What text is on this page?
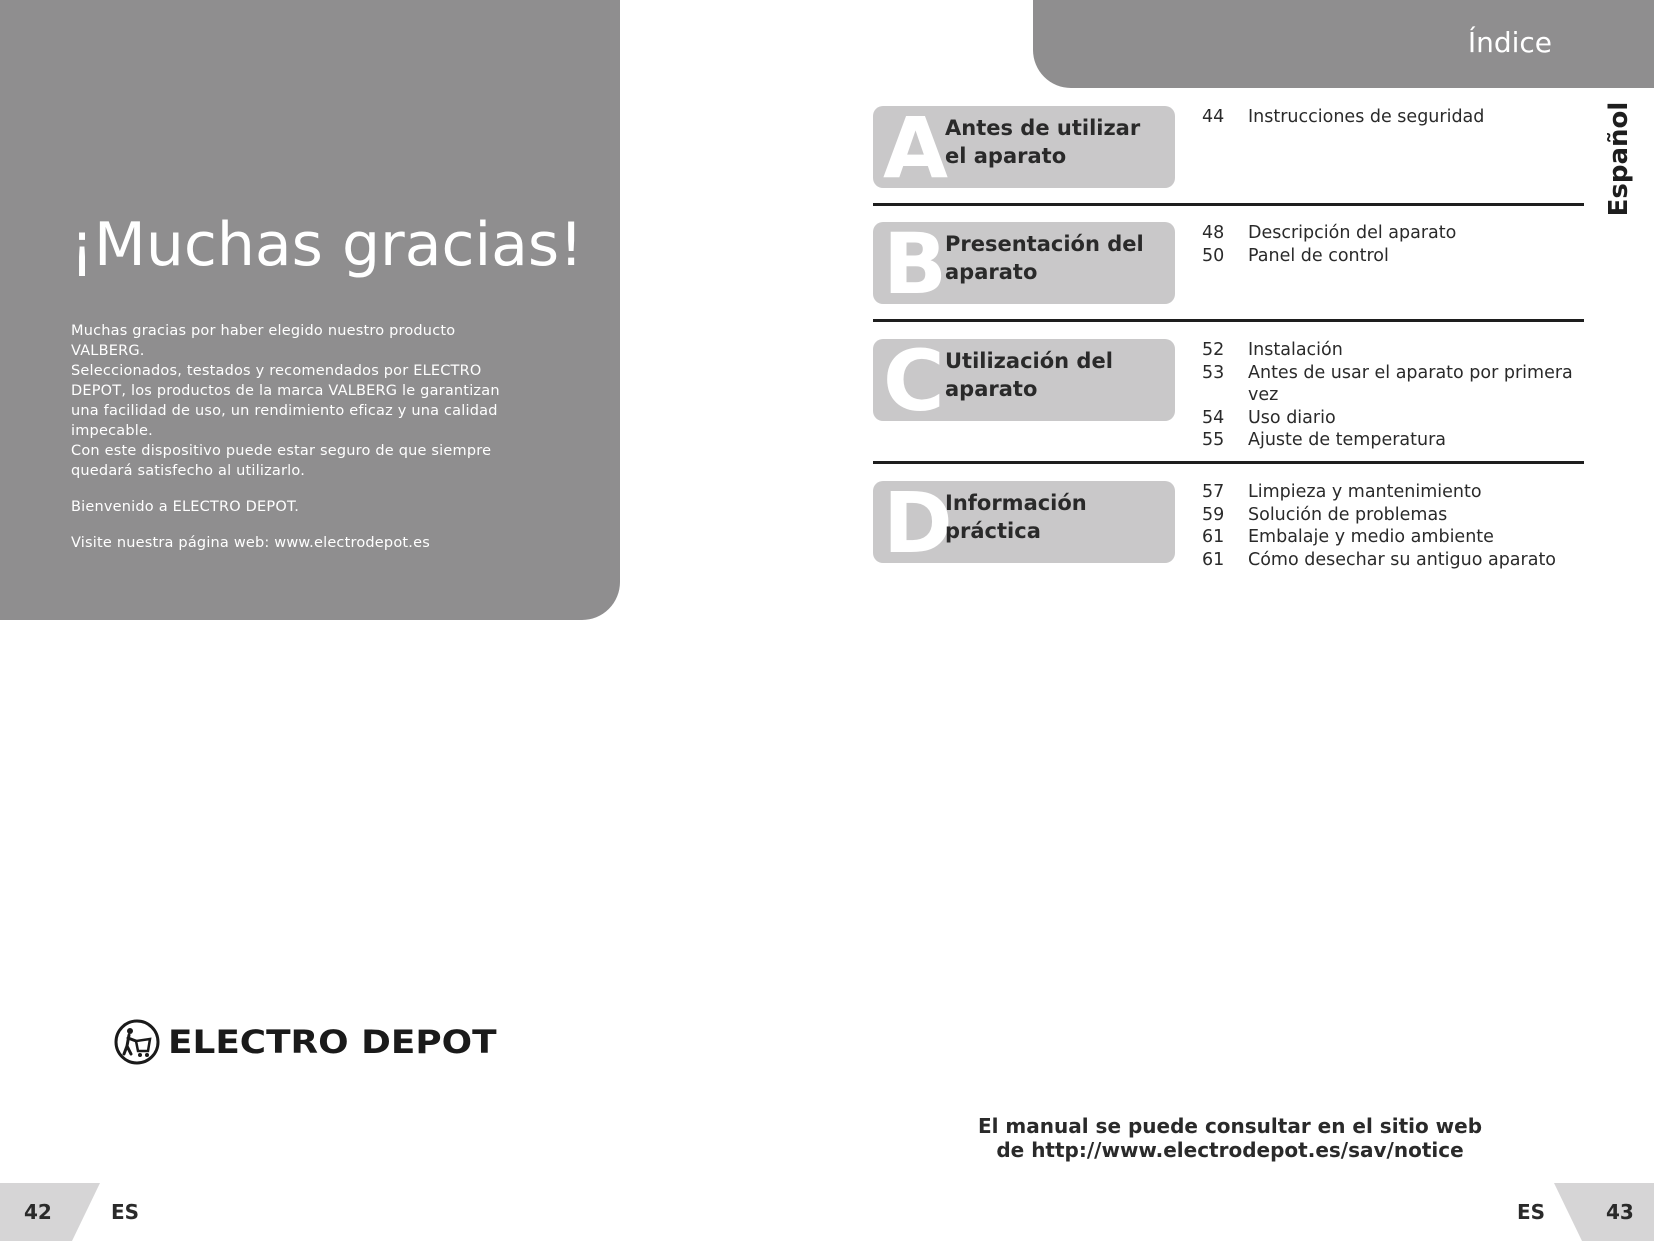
¡Muchas gracias!

Muchas gracias por haber elegido nuestro producto VALBERG.

Seleccionados, testados y recomendados por ELECTRO DEPOT, los productos de la marca VALBERG le garantizan una facilidad de uso, un rendimiento eficaz y una calidad impecable.

Con este dispositivo puede estar seguro de que siempre quedará satisfecho al utilizarlo.

Bienvenido a ELECTRO DEPOT.

Visite nuestra página web: www.electrodepot.es

ELECTRO DEPOT
42	ES
Índice
Español
A
Antes de utilizar el aparato
44	Instrucciones de seguridad
B
Presentación del aparato
48	Descripción del aparato
50	Panel de control
C Utilización del aparato
52	Instalación
53	Antes de usar el aparato por primera vez
54	Uso diario
55	Ajuste de temperatura
D
Información práctica
57	Limpieza y mantenimiento
59	Solución de problemas
61	Embalaje y medio ambiente
61	Cómo desechar su antiguo aparato
El manual se puede consultar en el sitio web
de http://www.electrodepot.es/sav/notice
ES	43
